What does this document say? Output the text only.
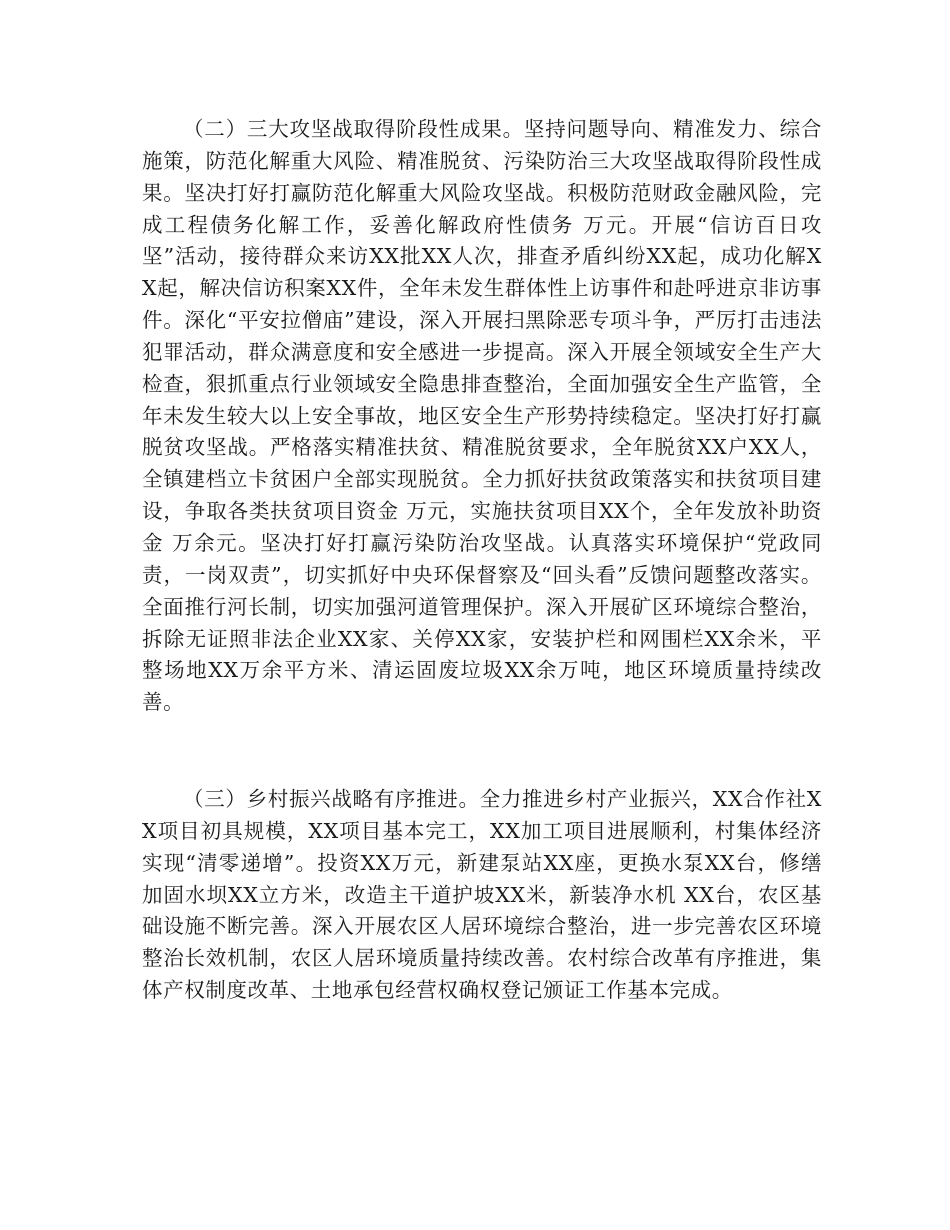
（二）三大攻坚战取得阶段性成果。坚持问题导向、精准发力、综合施策，防范化解重大风险、精准脱贫、污染防治三大攻坚战取得阶段性成果。坚决打好打赢防范化解重大风险攻坚战。积极防范财政金融风险，完成工程债务化解工作，妥善化解政府性债务 万元。开展“信访百日攻坚”活动，接待群众来访XX批XX人次，排查矛盾纠纷XX起，成功化解XX起，解决信访积案XX件，全年未发生群体性上访事件和赴呼进京非访事件。深化“平安拉僧庙”建设，深入开展扫黑除恶专项斗争，严厉打击违法犯罪活动，群众满意度和安全感进一步提高。深入开展全领域安全生产大检查，狠抓重点行业领域安全隐患排查整治，全面加强安全生产监管，全年未发生较大以上安全事故，地区安全生产形势持续稳定。坚决打好打赢脱贫攻坚战。严格落实精准扶贫、精准脱贫要求，全年脱贫XX户XX人，全镇建档立卡贫困户全部实现脱贫。全力抓好扶贫政策落实和扶贫项目建设，争取各类扶贫项目资金 万元，实施扶贫项目XX个，全年发放补助资金 万余元。坚决打好打赢污染防治攻坚战。认真落实环境保护“党政同责，一岗双责”，切实抓好中央环保督察及“回头看”反馈问题整改落实。全面推行河长制，切实加强河道管理保护。深入开展矿区环境综合整治，拆除无证照非法企业XX家、关停XX家，安装护栏和网围栏XX余米，平整场地XX万余平方米、清运固废垃圾XX余万吨，地区环境质量持续改善。

（三）乡村振兴战略有序推进。全力推进乡村产业振兴，XX合作社XX项目初具规模，XX项目基本完工，XX加工项目进展顺利，村集体经济实现“清零递增”。投资XX万元，新建泵站XX座，更换水泵XX台，修缮加固水坝XX立方米，改造主干道护坡XX米，新装净水机 XX台，农区基础设施不断完善。深入开展农区人居环境综合整治，进一步完善农区环境整治长效机制，农区人居环境质量持续改善。农村综合改革有序推进，集体产权制度改革、土地承包经营权确权登记颁证工作基本完成。
